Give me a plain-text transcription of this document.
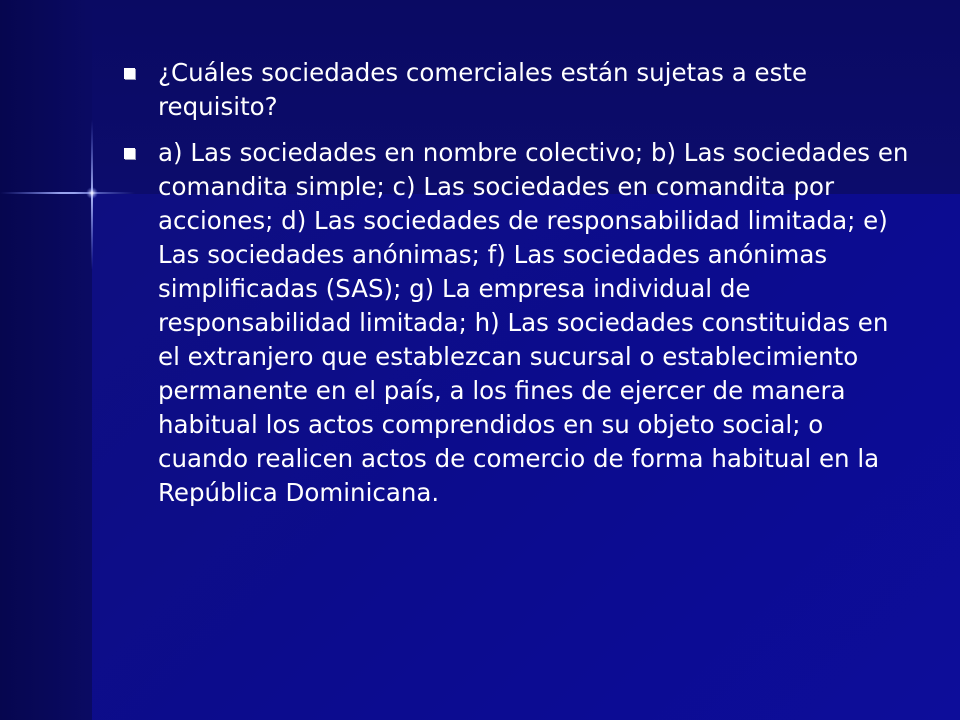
¿Cuáles sociedades comerciales están sujetas a este requisito?
a) Las sociedades en nombre colectivo; b) Las sociedades en comandita simple; c) Las sociedades en comandita por acciones; d) Las sociedades de responsabilidad limitada; e) Las sociedades anónimas; f) Las sociedades anónimas simplificadas (SAS); g) La empresa individual de responsabilidad limitada; h) Las sociedades constituidas en el extranjero que establezcan sucursal o establecimiento permanente en el país, a los fines de ejercer de manera habitual los actos comprendidos en su objeto social; o cuando realicen actos de comercio de forma habitual en la República Dominicana.
